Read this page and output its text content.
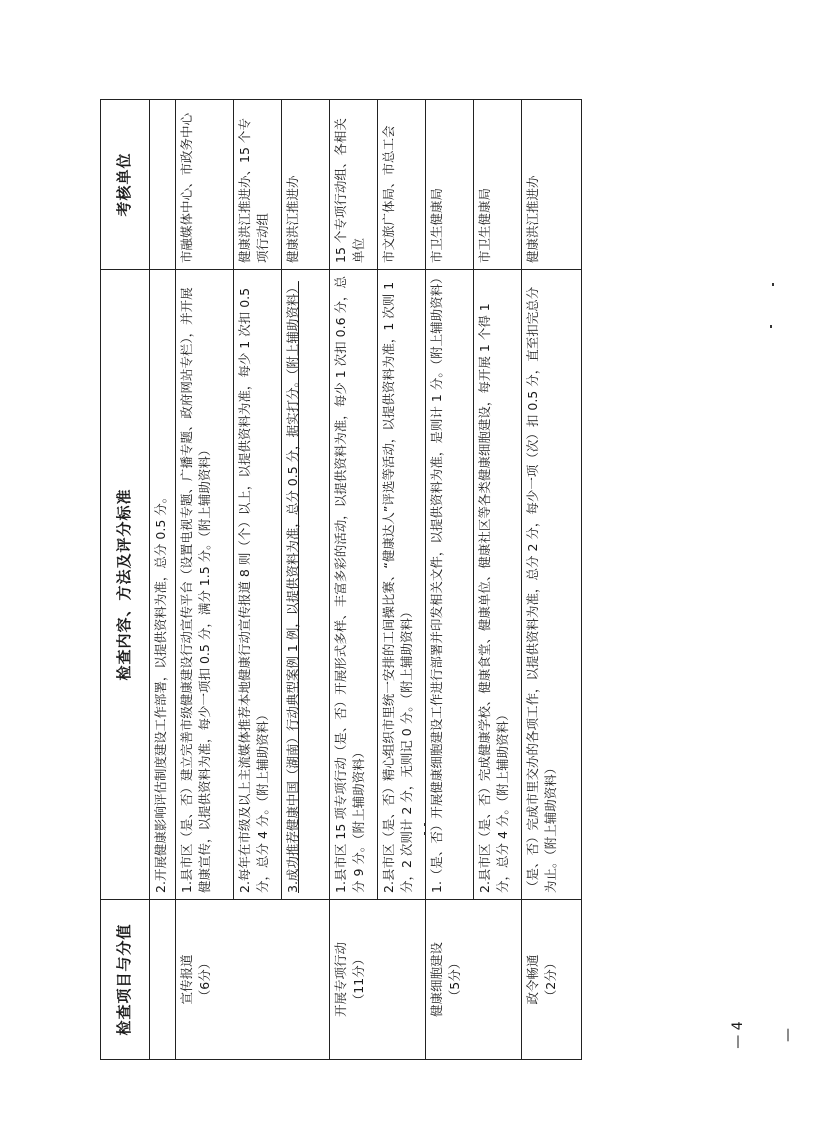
检查项目与分值	检查内容、方法及评分标准	考核单位
	2.开展健康影响评估制度建设工作部署，以提供资料为准，总分 0.5 分。	

宣传报道 （6分）	1.县市区（是、否）建立完善市级健康建设行动宣传平台（设置电视专题、广播专题、政府网站专栏），并开展健康宣传，以提供资料为准，每少一项扣 0.5 分，满分 1.5 分。（附上辅助资料）	市融媒体中心、市政务中心
	2.每年在市级及以上主流媒体推荐本地健康行动宣传报道 8 则（个）以上，以提供资料为准，每少 1 次扣 0.5 分，总分 4 分。（附上辅助资料）	健康洪江推进办、15 个专项行动组
	3.成功推荐健康中国（湖南）行动典型案例 1 例，以提供资料为准，总分 0.5 分，据实打分。（附上辅助资料）	健康洪江推进办

开展专项行动 （11分）	1.县市区 15 项专项行动（是、否）开展形式多样、丰富多彩的活动，以提供资料为准，每少 1 次扣 0.6 分，总分 9 分。（附上辅助资料）	15 个专项行动组、各相关单位
	2.县市区（是、否）精心组织市里统一安排的工间操比赛、“健康达人”评选等活动，以提供资料为准，1 次则 1 分，2 次则计 2 分，无则记 0 分。（附上辅助资料）	市文旅广体局、市总工会

健康细胞建设 （5分）	1.（是、否）开展健康细胞建设工作进行部署并印发相关文件，以提供资料为准，是则计 1 分。（附上辅助资料）	市卫生健康局
	2.县市区（是、否）完成健康学校、健康食堂、健康单位、健康社区等各类健康细胞建设，每开展 1 个得 1 分，总分 4 分。（附上辅助资料）	市卫生健康局

政令畅通 （2分）	（是、否）完成市里交办的各项工作，以提供资料为准，总分 2 分，每少一项（次）扣 0.5 分，直至扣完总分为止。（附上辅助资料）	健康洪江推进办
— 4 —
